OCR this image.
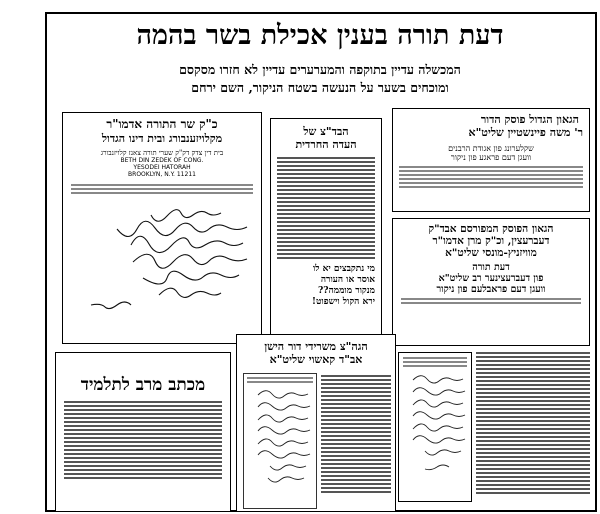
דעת תורה בענין אכילת בשר בהמה
המכשלה עדיין בתוקפה והמערערים עדיין לא חזרו מסקסם
ומוכחים בשער על הנעשה בשטח הניקור, השם ירחם
כ"ק שר התורה אדמו"ר
מקלויזענבורג ובית דינו הגדול
בית דין צדק דק"ק שערי תורה צאנז קלויזנבורג
BETH DIN ZEDEK OF CONG.
YESODEI HATORAH
BROOKLYN, N.Y. 11211
הבד"צ של
העדה החרדית
מי נתקבצים יא לו
אוסר או העורה
מנקור מוממה??
ירא הקול וישפוט!
הגאון הגדול פוסק הדור
ר' משה פיינשטיין שליט"א
שקלערונג פון אגודת הרבנים
וועגן דעם פראגע פון ניקור
הגאון הפוסק המפורסם אבד"ק
דעברעצין, וכ"ק מרן אדמו"ר
מוויזניץ-מונסי שליט"א
דעת תורה
פון דעברעצינער רב שליט"א
וועגן דעם פראבלעם פון ניקור
הגה"צ משרידי דור הישן
אב"ד קאשוי שליט"א
מכתב מרב לתלמיד
